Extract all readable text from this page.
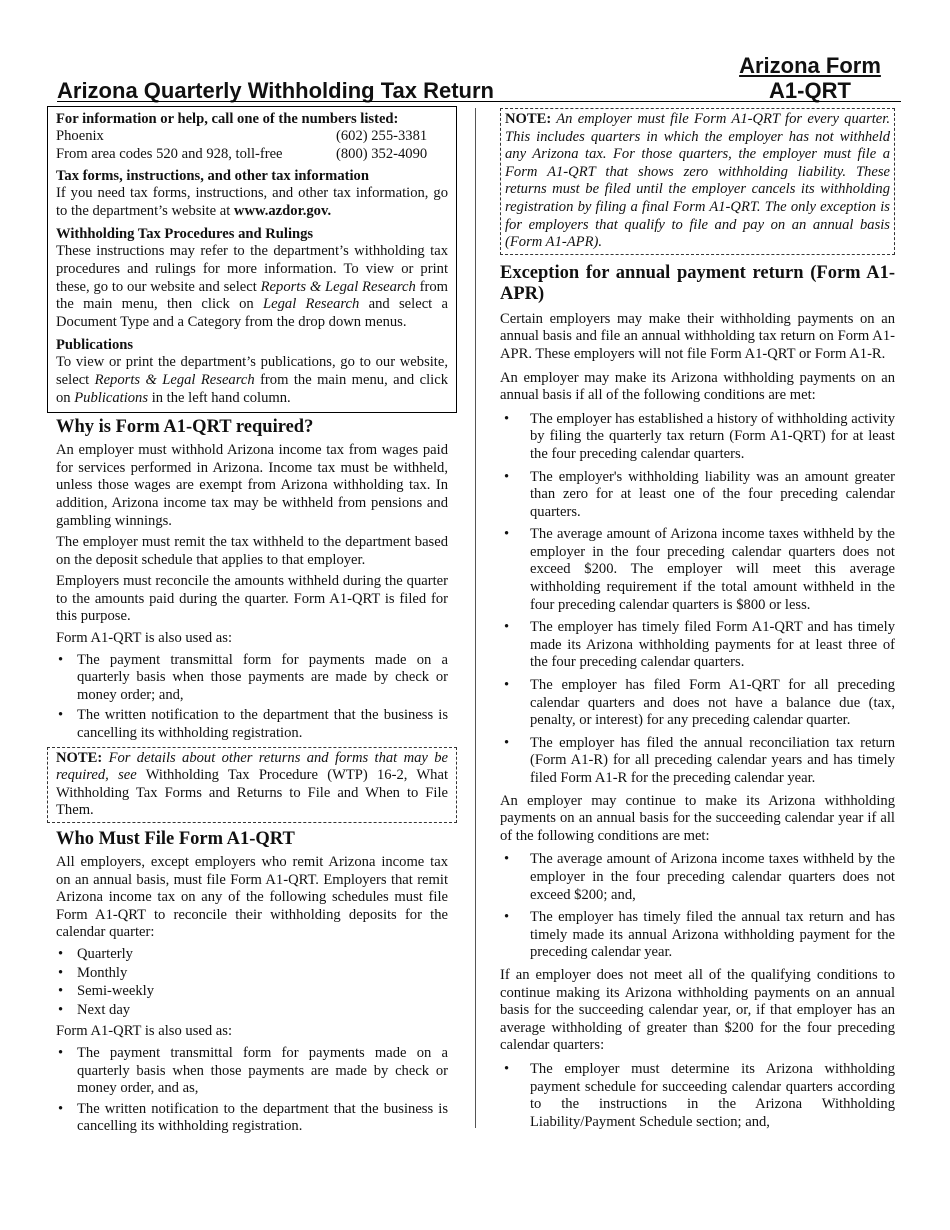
Arizona Form
A1-QRT
Arizona Quarterly Withholding Tax Return
For information or help, call one of the numbers listed:
Phoenix	(602) 255-3381
From area codes 520 and 928, toll-free	(800) 352-4090
Tax forms, instructions, and other tax information

If you need tax forms, instructions, and other tax information, go to the department’s website at www.azdor.gov.

Withholding Tax Procedures and Rulings

These instructions may refer to the department’s withholding tax procedures and rulings for more information. To view or print these, go to our website and select Reports & Legal Research from the main menu, then click on Legal Research and select a Document Type and a Category from the drop down menus.

Publications

To view or print the department’s publications, go to our website, select Reports & Legal Research from the main menu, and click on Publications in the left hand column.

Why is Form A1-QRT required?

An employer must withhold Arizona income tax from wages paid for services performed in Arizona. Income tax must be withheld, unless those wages are exempt from Arizona withholding tax. In addition, Arizona income tax may be withheld from pensions and gambling winnings.

The employer must remit the tax withheld to the department based on the deposit schedule that applies to that employer.

Employers must reconcile the amounts withheld during the quarter to the amounts paid during the quarter. Form A1-QRT is filed for this purpose.

Form A1-QRT is also used as:

• The payment transmittal form for payments made on a quarterly basis when those payments are made by check or money order; and,
• The written notification to the department that the business is cancelling its withholding registration.
NOTE: For details about other returns and forms that may be required, see Withholding Tax Procedure (WTP) 16-2, What Withholding Tax Forms and Returns to File and When to File Them.
Who Must File Form A1-QRT

All employers, except employers who remit Arizona income tax on an annual basis, must file Form A1-QRT. Employers that remit Arizona income tax on any of the following schedules must file Form A1-QRT to reconcile their withholding deposits for the calendar quarter:

• Quarterly
• Monthly
• Semi-weekly
• Next day

Form A1-QRT is also used as:

• The payment transmittal form for payments made on a quarterly basis when those payments are made by check or money order, and as,
• The written notification to the department that the business is cancelling its withholding registration.
NOTE: An employer must file Form A1-QRT for every quarter. This includes quarters in which the employer has not withheld any Arizona tax. For those quarters, the employer must file a Form A1-QRT that shows zero withholding liability. These returns must be filed until the employer cancels its withholding registration by filing a final Form A1-QRT. The only exception is for employers that qualify to file and pay on an annual basis (Form A1-APR).
Exception for annual payment return (Form A1-APR)

Certain employers may make their withholding payments on an annual basis and file an annual withholding tax return on Form A1-APR. These employers will not file Form A1-QRT or Form A1-R.

An employer may make its Arizona withholding payments on an annual basis if all of the following conditions are met:

• The employer has established a history of withholding activity by filing the quarterly tax return (Form A1-QRT) for at least the four preceding calendar quarters.
• The employer's withholding liability was an amount greater than zero for at least one of the four preceding calendar quarters.
• The average amount of Arizona income taxes withheld by the employer in the four preceding calendar quarters does not exceed $200. The employer will meet this average withholding requirement if the total amount withheld in the four preceding calendar quarters is $800 or less.
• The employer has timely filed Form A1-QRT and has timely made its Arizona withholding payments for at least three of the four preceding calendar quarters.
• The employer has filed Form A1-QRT for all preceding calendar quarters and does not have a balance due (tax, penalty, or interest) for any preceding calendar quarter.
• The employer has filed the annual reconciliation tax return (Form A1-R) for all preceding calendar years and has timely filed Form A1-R for the preceding calendar year.

An employer may continue to make its Arizona withholding payments on an annual basis for the succeeding calendar year if all of the following conditions are met:

• The average amount of Arizona income taxes withheld by the employer in the four preceding calendar quarters does not exceed $200; and,
• The employer has timely filed the annual tax return and has timely made its annual Arizona withholding payment for the preceding calendar year.

If an employer does not meet all of the qualifying conditions to continue making its Arizona withholding payments on an annual basis for the succeeding calendar year, or, if that employer has an average withholding of greater than $200 for the four preceding calendar quarters:

• The employer must determine its Arizona withholding payment schedule for succeeding calendar quarters according to the instructions in the Arizona Withholding Liability/Payment Schedule section; and,
